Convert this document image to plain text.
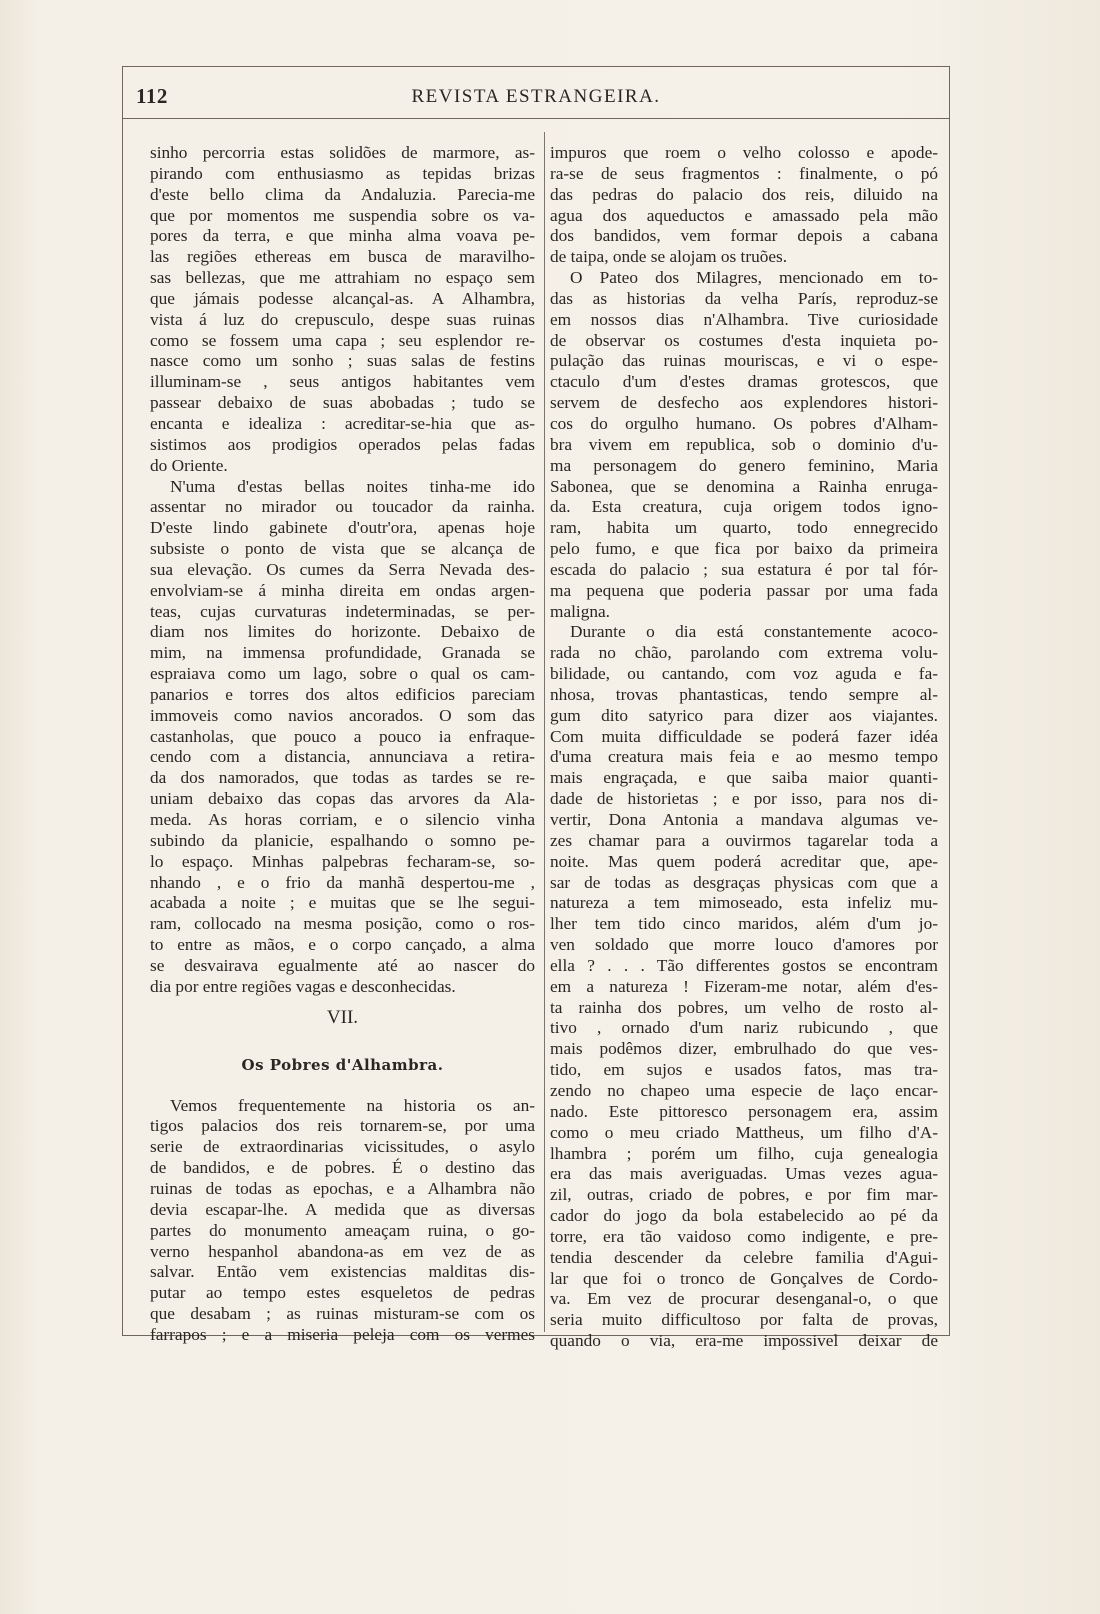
112	REVISTA ESTRANGEIRA.
sinho percorria estas solidões de marmore, as-
pirando com enthusiasmo as tepidas brizas
d'este bello clima da Andaluzia. Parecia-me
que por momentos me suspendia sobre os va-
pores da terra, e que minha alma voava pe-
las regiões ethereas em busca de maravilho-
sas bellezas, que me attrahiam no espaço sem
que jámais podesse alcançal-as. A Alhambra,
vista á luz do crepusculo, despe suas ruinas
como se fossem uma capa ; seu esplendor re-
nasce como um sonho ; suas salas de festins
illuminam-se , seus antigos habitantes vem
passear debaixo de suas abobadas ; tudo se
encanta e idealiza : acreditar-se-hia que as-
sistimos aos prodigios operados pelas fadas
do Oriente.
N'uma d'estas bellas noites tinha-me ido
assentar no mirador ou toucador da rainha.
D'este lindo gabinete d'outr'ora, apenas hoje
subsiste o ponto de vista que se alcança de
sua elevação. Os cumes da Serra Nevada des-
envolviam-se á minha direita em ondas argen-
teas, cujas curvaturas indeterminadas, se per-
diam nos limites do horizonte. Debaixo de
mim, na immensa profundidade, Granada se
espraiava como um lago, sobre o qual os cam-
panarios e torres dos altos edificios pareciam
immoveis como navios ancorados. O som das
castanholas, que pouco a pouco ia enfraque-
cendo com a distancia, annunciava a retira-
da dos namorados, que todas as tardes se re-
uniam debaixo das copas das arvores da Ala-
meda. As horas corriam, e o silencio vinha
subindo da planicie, espalhando o somno pe-
lo espaço. Minhas palpebras fecharam-se, so-
nhando , e o frio da manhã despertou-me ,
acabada a noite ; e muitas que se lhe segui-
ram, collocado na mesma posição, como o ros-
to entre as mãos, e o corpo cançado, a alma
se desvairava egualmente até ao nascer do
dia por entre regiões vagas e desconhecidas.
VII.
Os Pobres d'Alhambra.
Vemos frequentemente na historia os an-
tigos palacios dos reis tornarem-se, por uma
serie de extraordinarias vicissitudes, o asylo
de bandidos, e de pobres. É o destino das
ruinas de todas as epochas, e a Alhambra não
devia escapar-lhe. A medida que as diversas
partes do monumento ameaçam ruina, o go-
verno hespanhol abandona-as em vez de as
salvar. Então vem existencias malditas dis-
putar ao tempo estes esqueletos de pedras
que desabam ; as ruinas misturam-se com os
farrapos ; e a miseria peleja com os vermes
impuros que roem o velho colosso e apode-
ra-se de seus fragmentos : finalmente, o pó
das pedras do palacio dos reis, diluido na
agua dos aqueductos e amassado pela mão
dos bandidos, vem formar depois a cabana
de taipa, onde se alojam os truões.
O Pateo dos Milagres, mencionado em to-
das as historias da velha París, reproduz-se
em nossos dias n'Alhambra. Tive curiosidade
de observar os costumes d'esta inquieta po-
pulação das ruinas mouriscas, e vi o espe-
ctaculo d'um d'estes dramas grotescos, que
servem de desfecho aos explendores histori-
cos do orgulho humano. Os pobres d'Alham-
bra vivem em republica, sob o dominio d'u-
ma personagem do genero feminino, Maria
Sabonea, que se denomina a Rainha enruga-
da. Esta creatura, cuja origem todos igno-
ram, habita um quarto, todo ennegrecido
pelo fumo, e que fica por baixo da primeira
escada do palacio ; sua estatura é por tal fór-
ma pequena que poderia passar por uma fada
maligna.
Durante o dia está constantemente acoco-
rada no chão, parolando com extrema volu-
bilidade, ou cantando, com voz aguda e fa-
nhosa, trovas phantasticas, tendo sempre al-
gum dito satyrico para dizer aos viajantes.
Com muita difficuldade se poderá fazer idéa
d'uma creatura mais feia e ao mesmo tempo
mais engraçada, e que saiba maior quanti-
dade de historietas ; e por isso, para nos di-
vertir, Dona Antonia a mandava algumas ve-
zes chamar para a ouvirmos tagarelar toda a
noite. Mas quem poderá acreditar que, ape-
sar de todas as desgraças physicas com que a
natureza a tem mimoseado, esta infeliz mu-
lher tem tido cinco maridos, além d'um jo-
ven soldado que morre louco d'amores por
ella ? . . . Tão differentes gostos se encontram
em a natureza ! Fizeram-me notar, além d'es-
ta rainha dos pobres, um velho de rosto al-
tivo , ornado d'um nariz rubicundo , que
mais podêmos dizer, embrulhado do que ves-
tido, em sujos e usados fatos, mas tra-
zendo no chapeo uma especie de laço encar-
nado. Este pittoresco personagem era, assim
como o meu criado Mattheus, um filho d'A-
lhambra ; porém um filho, cuja genealogia
era das mais averiguadas. Umas vezes agua-
zil, outras, criado de pobres, e por fim mar-
cador do jogo da bola estabelecido ao pé da
torre, era tão vaidoso como indigente, e pre-
tendia descender da celebre familia d'Agui-
lar que foi o tronco de Gonçalves de Cordo-
va. Em vez de procurar desenganal-o, o que
seria muito difficultoso por falta de provas,
quando o via, era-me impossivel deixar de
